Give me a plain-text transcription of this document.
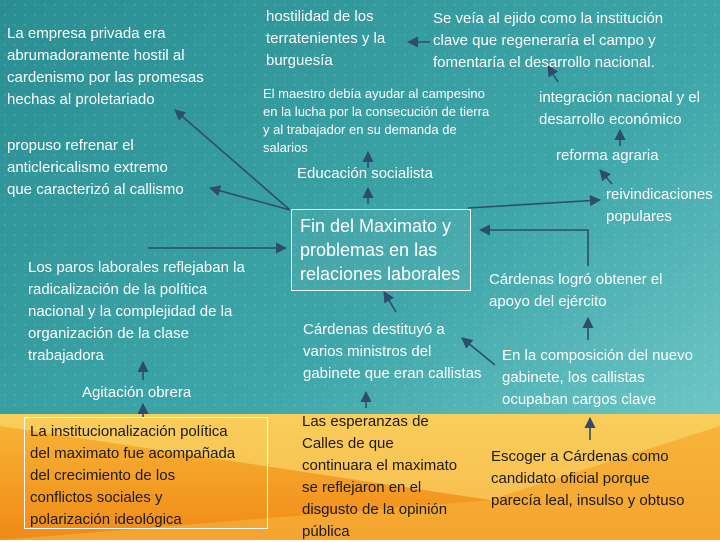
La empresa privada era
abrumadoramente hostil al
cardenismo por las promesas
hechas al proletariado
propuso refrenar el
anticlericalismo extremo
que caracterizó al callismo
hostilidad de los
terratenientes y la
burguesía
Se veía al ejido como la institución
clave que regeneraría el campo y
fomentaría el desarrollo nacional.
El maestro debía ayudar al campesino
en la lucha por la consecución de tierra
y al trabajador en su demanda de
salarios
Educación socialista
integración nacional y el
desarrollo económico
reforma agraria
reivindicaciones
populares
Fin del Maximato y
problemas en las
relaciones laborales	Cárdenas logró obtener el
apoyo del ejército
En la composición del nuevo
gabinete, los callistas
ocupaban cargos clave
Cárdenas destituyó a
varios ministros del
gabinete que eran callistas
Los paros laborales reflejaban la
radicalización de la política
nacional y la complejidad de la
organización de la clase
trabajadora
Agitación obrera
La institucionalización política
del maximato fue acompañada
del crecimiento de los
conflictos sociales y
polarización ideológica
Las esperanzas de
Calles de que
continuara el maximato
se reflejaron en el
disgusto de la opinión
pública
Escoger a Cárdenas como
candidato oficial porque
parecía leal, insulso y obtuso
